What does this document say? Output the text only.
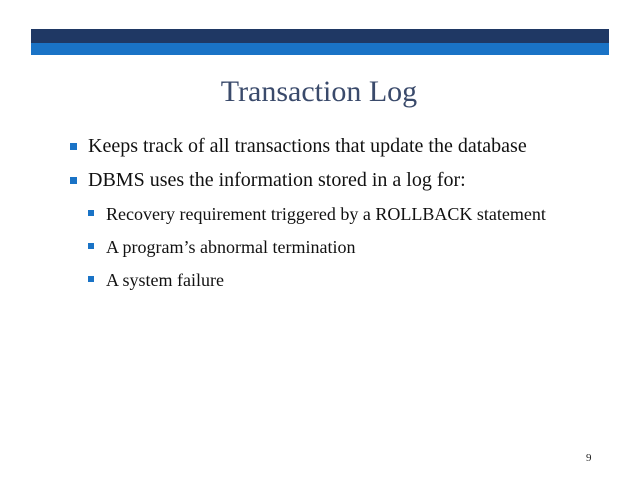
Transaction Log
Keeps track of all transactions that update the database
DBMS uses the information stored in a log for:
Recovery requirement triggered by a ROLLBACK statement
A program’s abnormal termination
A system failure
9
